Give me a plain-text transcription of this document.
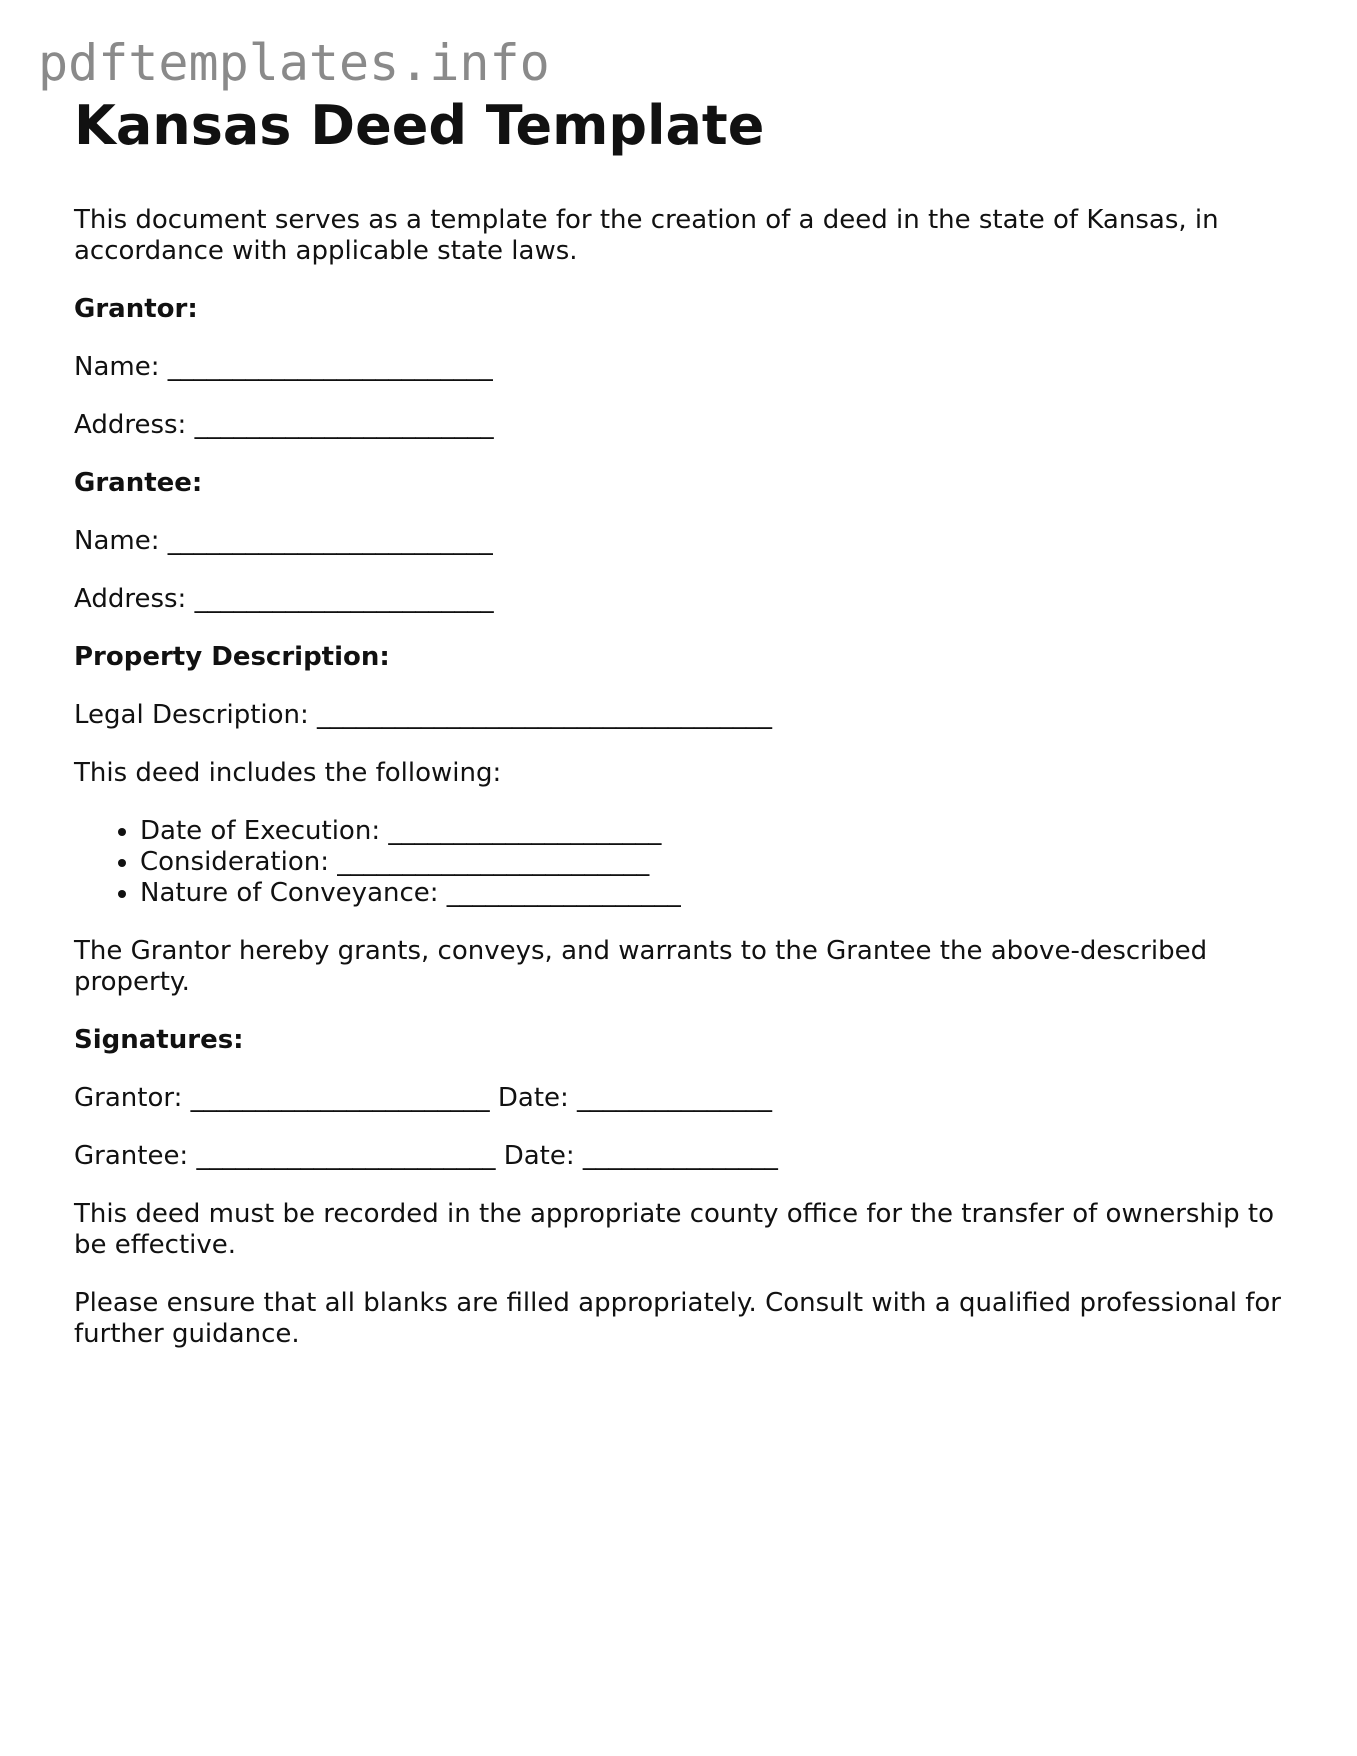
pdftemplates.info
Kansas Deed Template

This document serves as a template for the creation of a deed in the state of Kansas, in accordance with applicable state laws.

Grantor:

Name: _________________________

Address: _______________________

Grantee:

Name: _________________________

Address: _______________________

Property Description:

Legal Description: ___________________________________

This deed includes the following:

• Date of Execution: _____________________
• Consideration: ________________________
• Nature of Conveyance: __________________

The Grantor hereby grants, conveys, and warrants to the Grantee the above-described property.

Signatures:

Grantor: _______________________ Date: _______________

Grantee: _______________________ Date: _______________

This deed must be recorded in the appropriate county office for the transfer of ownership to be effective.

Please ensure that all blanks are filled appropriately. Consult with a qualified professional for further guidance.
